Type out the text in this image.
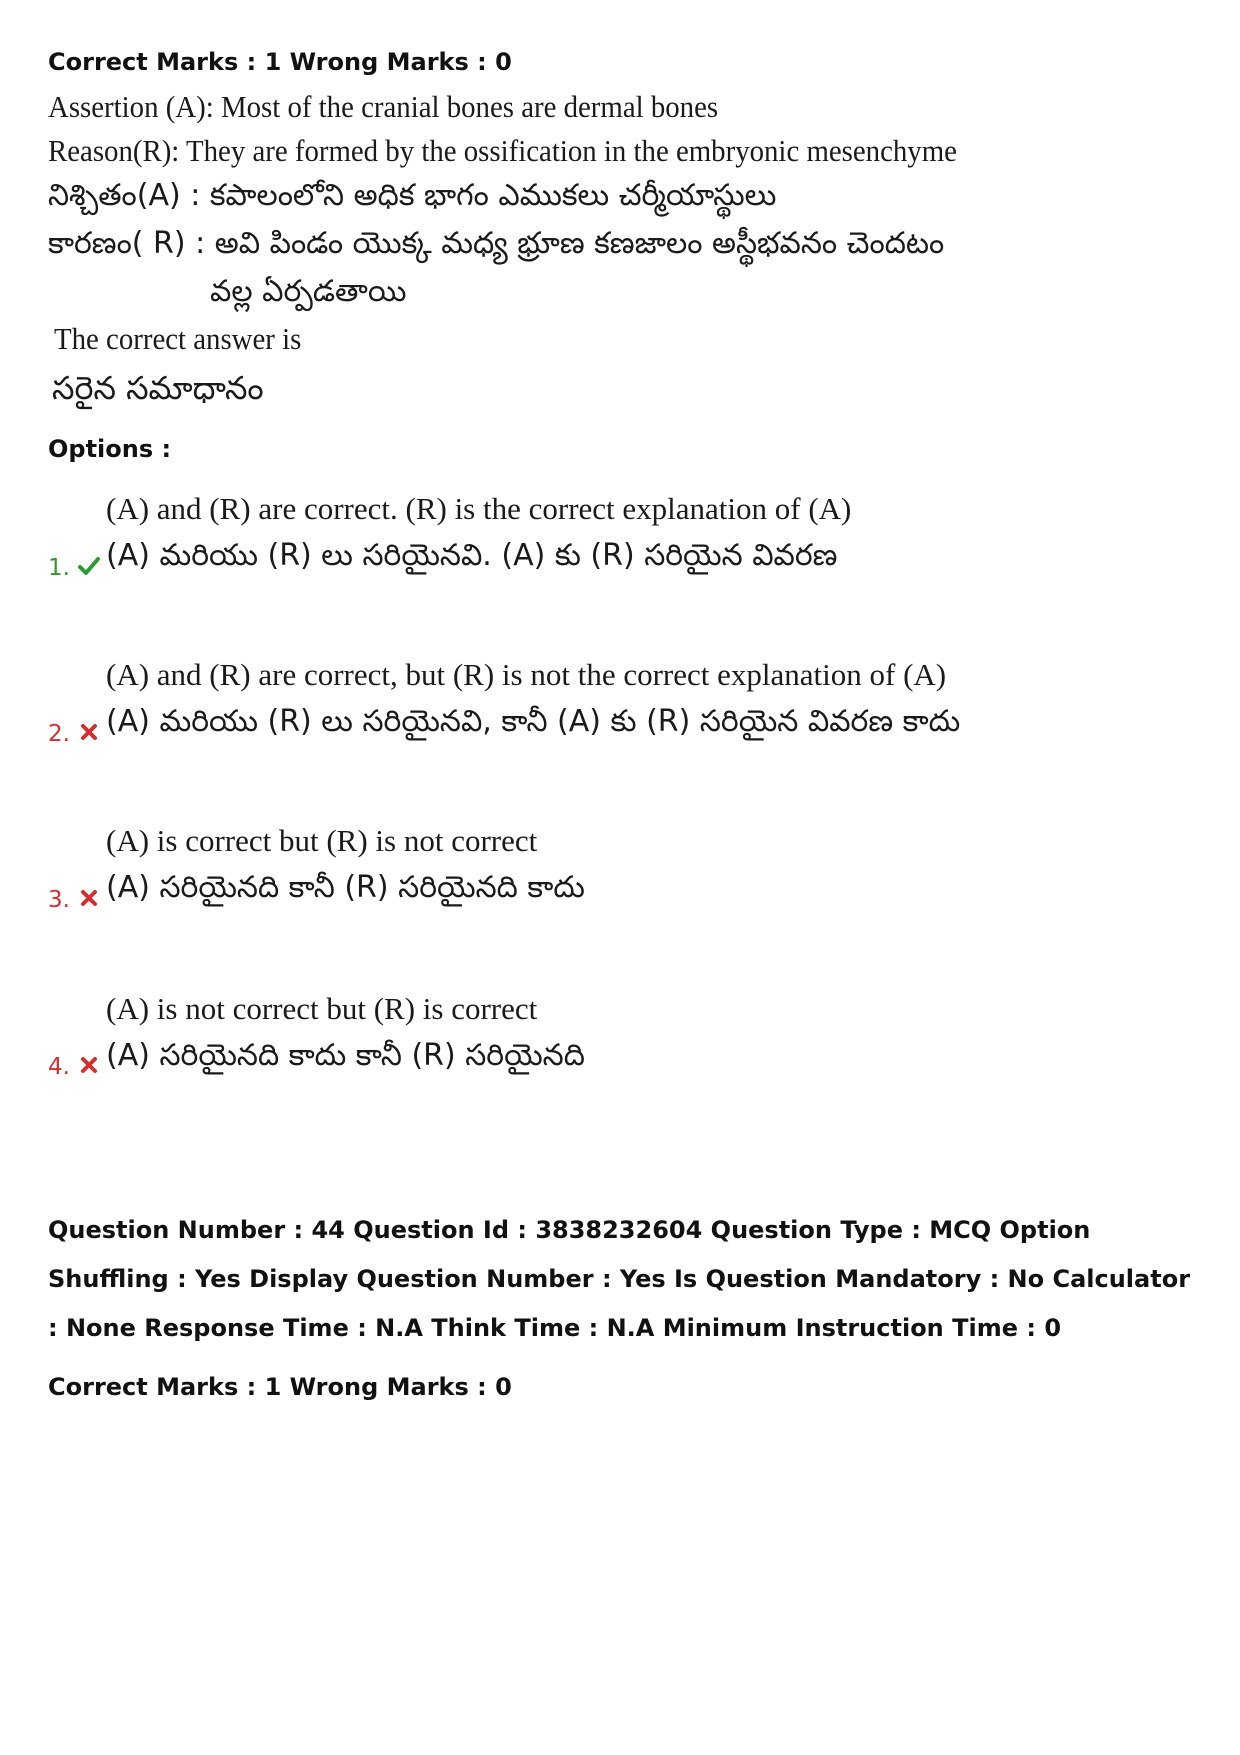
Correct Marks : 1 Wrong Marks : 0
Assertion (A): Most of the cranial bones are dermal bones
Reason(R): They are formed by the ossification in the embryonic mesenchyme
నిశ్చితం(A) : కపాలంలోని అధిక భాగం ఎముకలు చర్మీయాస్థులు
కారణం( R) : అవి పిండం యొక్క మధ్య భ్రూణ కణజాలం అస్థీభవనం చెందటం
వల్ల ఏర్పడతాయి
The correct answer is
సరైన సమాధానం
Options :
(A) and (R) are correct. (R) is the correct explanation of (A)
1. (A) మరియు (R) లు సరియైనవి. (A) కు (R) సరియైన వివరణ
(A) and (R) are correct, but (R) is not the correct explanation of (A)
2. (A) మరియు (R) లు సరియైనవి, కానీ (A) కు (R) సరియైన వివరణ కాదు
(A) is correct but (R) is not correct
3. (A) సరియైనది కానీ (R) సరియైనది కాదు
(A) is not correct but (R) is correct
4. (A) సరియైనది కాదు కానీ (R) సరియైనది
Question Number : 44 Question Id : 3838232604 Question Type : MCQ Option Shuffling : Yes Display Question Number : Yes Is Question Mandatory : No Calculator : None Response Time : N.A Think Time : N.A Minimum Instruction Time : 0
Correct Marks : 1 Wrong Marks : 0
